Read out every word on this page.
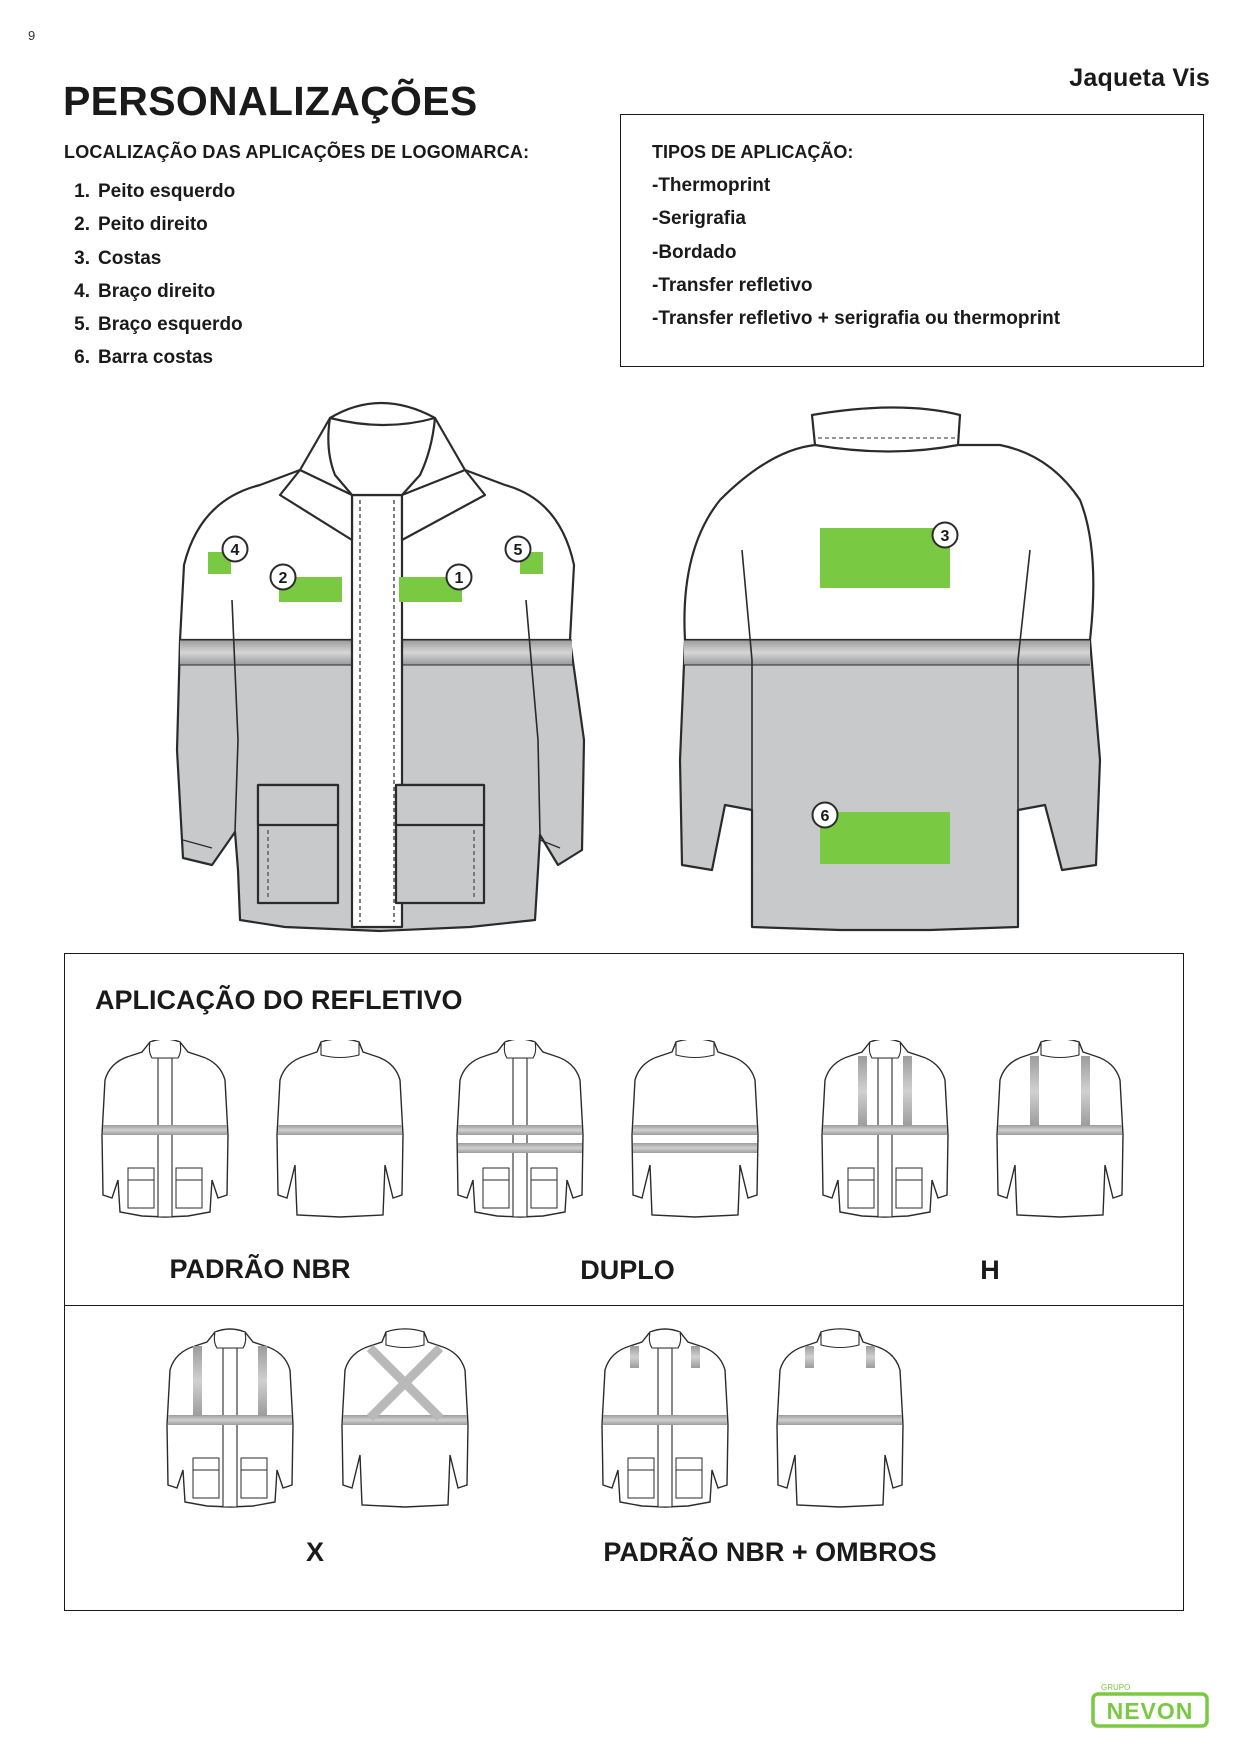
9
Jaqueta Vis
PERSONALIZAÇÕES
LOCALIZAÇÃO DAS APLICAÇÕES DE LOGOMARCA:
1. Peito esquerdo
2. Peito direito
3. Costas
4. Braço direito
5. Braço esquerdo
6. Barra costas
TIPOS DE APLICAÇÃO:
-Thermoprint
-Serigrafia
-Bordado
-Transfer refletivo
-Transfer refletivo + serigrafia ou thermoprint
1
2
3
4	5
6
APLICAÇÃO DO REFLETIVO
PADRÃO NBR	DUPLO	H
X	PADRÃO NBR + OMBROS
GRUPO
NEVON
